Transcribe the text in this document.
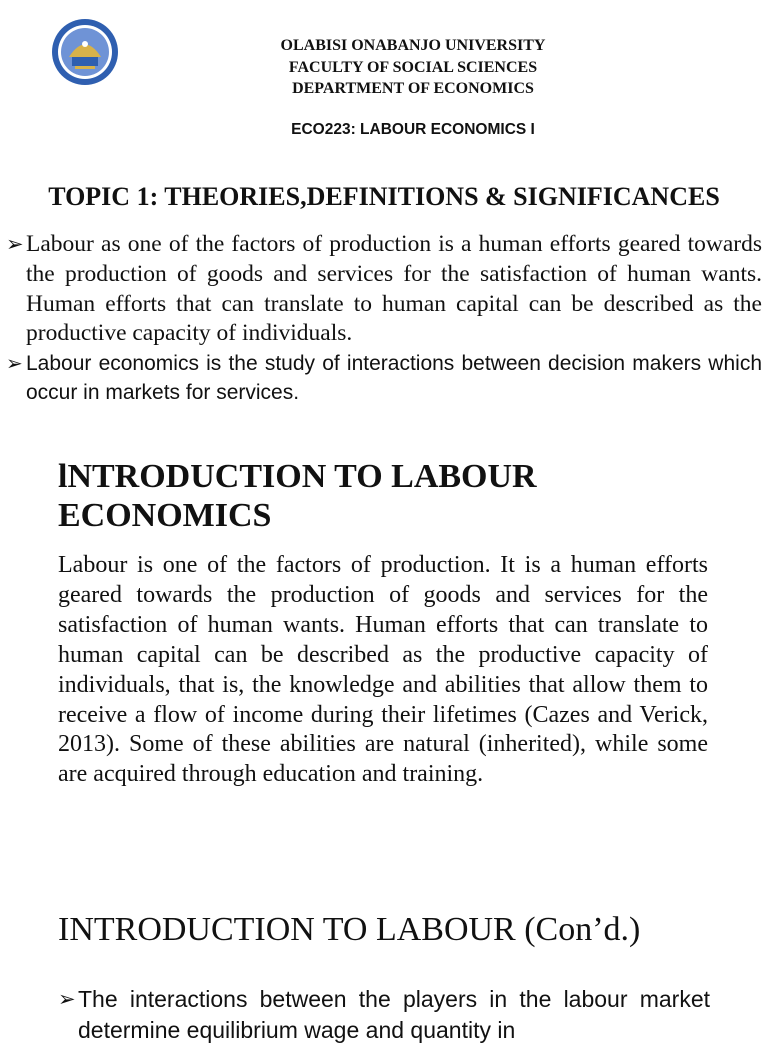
OLABISI ONABANJO UNIVERSITY
FACULTY OF SOCIAL SCIENCES
DEPARTMENT OF ECONOMICS
ECO223: LABOUR ECONOMICS I
TOPIC 1: THEORIES,DEFINITIONS & SIGNIFICANCES
➢ Labour as one of the factors of production is a human efforts geared towards the production of goods and services for the satisfaction of human wants. Human efforts that can translate to human capital can be described as the productive capacity of individuals.
➢ Labour economics is the study of interactions between decision makers which occur in markets for services.
lNTRODUCTION TO LABOUR ECONOMICS
Labour is one of the factors of production. It is a human efforts geared towards the production of goods and services for the satisfaction of human wants. Human efforts that can translate to human capital can be described as the productive capacity of individuals, that is, the knowledge and abilities that allow them to receive a flow of income during their lifetimes (Cazes and Verick, 2013). Some of these abilities are natural (inherited), while some are acquired through education and training.
INTRODUCTION TO LABOUR (Con’d.)
➢ The interactions between the players in the labour market determine equilibrium wage and quantity in
